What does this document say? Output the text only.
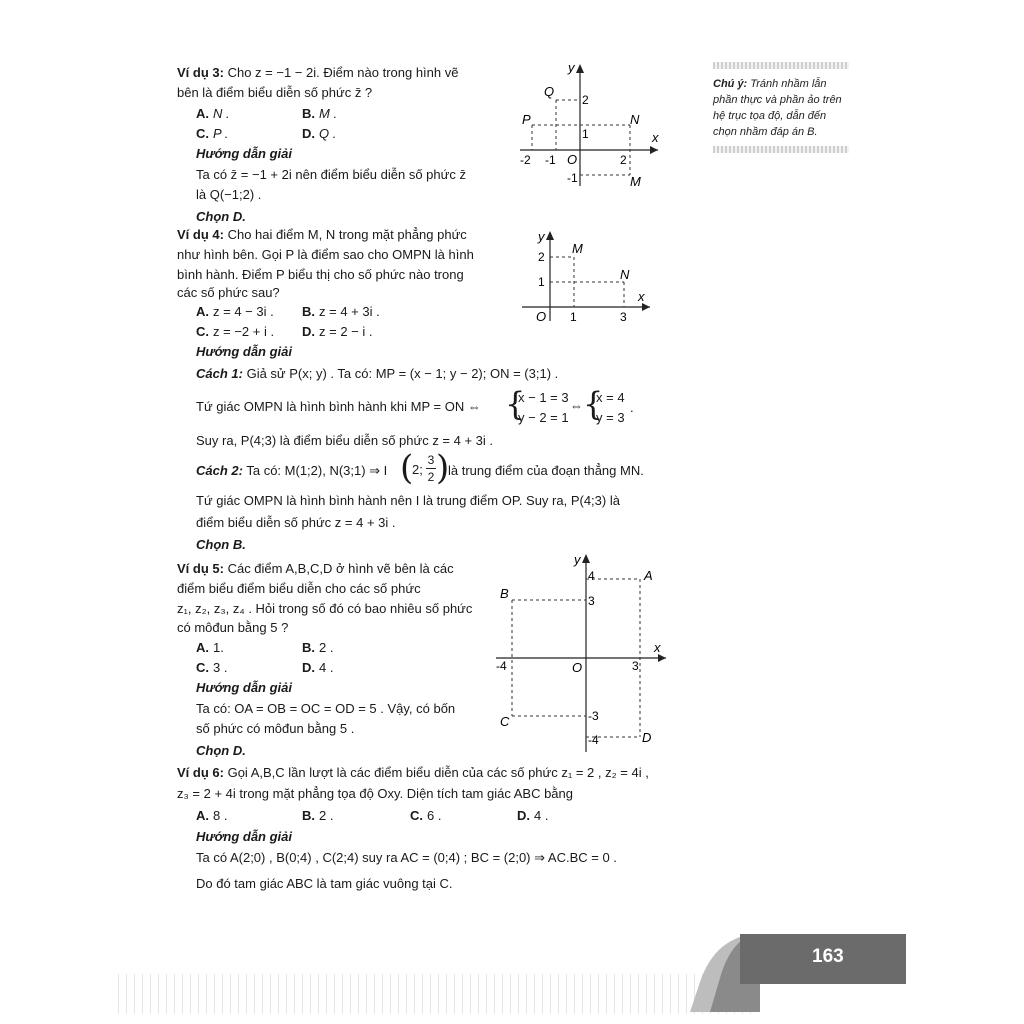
Chú ý: Tránh nhầm lẫn phần thực và phần ảo trên hệ trục tọa độ, dẫn đến chọn nhầm đáp án B.
Ví dụ 3: Cho z = −1 − 2i. Điểm nào trong hình vẽ
bên là điểm biểu diễn số phức z̄ ?
A. N .	B. M .
C. P .	D. Q .
Hướng dẫn giải
Ta có z̄ = −1 + 2i nên điểm biểu diễn số phức z̄
là Q(−1;2) .
Chọn D.
y
x
O
Q
P	N
M
2
1
-2 -1	2
-1
Ví dụ 4: Cho hai điểm M, N trong mặt phẳng phức
như hình bên. Gọi P là điểm sao cho OMPN là hình
bình hành. Điểm P biểu thị cho số phức nào trong
các số phức sau?
A. z = 4 − 3i . B. z = 4 + 3i .
C. z = −2 + i . D. z = 2 − i .
Hướng dẫn giải
Cách 1: Giả sử P(x; y) . Ta có: MP = (x − 1; y − 2); ON = (3;1) .
Tứ giác OMPN là hình bình hành khi MP = ON ⇔ {
x − 1 = 3
y − 2 = 1
⇔ {
x = 4
y = 3
.
Suy ra, P(4;3) là điểm biểu diễn số phức z = 4 + 3i .
Cách 2: Ta có: M(1;2), N(3;1) ⇒ I (
2;
3
2 )
là trung điểm của đoạn thẳng MN.
Tứ giác OMPN là hình bình hành nên I là trung điểm OP. Suy ra, P(4;3) là
điểm biểu diễn số phức z = 4 + 3i .
Chọn B.
y
x
O
M
N
2
1
1	3
Ví dụ 5: Các điểm A,B,C,D ở hình vẽ bên là các
điểm biểu điểm biểu diễn cho các số phức
z₁, z₂, z₃, z₄ . Hỏi trong số đó có bao nhiêu số phức
có môđun bằng 5 ?
A. 1.	B. 2 .
C. 3 .	D. 4 .
Hướng dẫn giải
Ta có: OA = OB = OC = OD = 5 . Vậy, có bốn
số phức có môđun bằng 5 .
Chọn D.
y
x
O
A
B
C
D
4
3
-3
-4
-4	3
Ví dụ 6: Gọi A,B,C lần lượt là các điểm biểu diễn của các số phức z₁ = 2 , z₂ = 4i ,
z₃ = 2 + 4i trong mặt phẳng tọa độ Oxy. Diện tích tam giác ABC bằng
A. 8 .	B. 2 .	C. 6 .	D. 4 .
Hướng dẫn giải
Ta có A(2;0) , B(0;4) , C(2;4) suy ra AC = (0;4) ; BC = (2;0) ⇒ AC.BC = 0 .
Do đó tam giác ABC là tam giác vuông tại C.
163
